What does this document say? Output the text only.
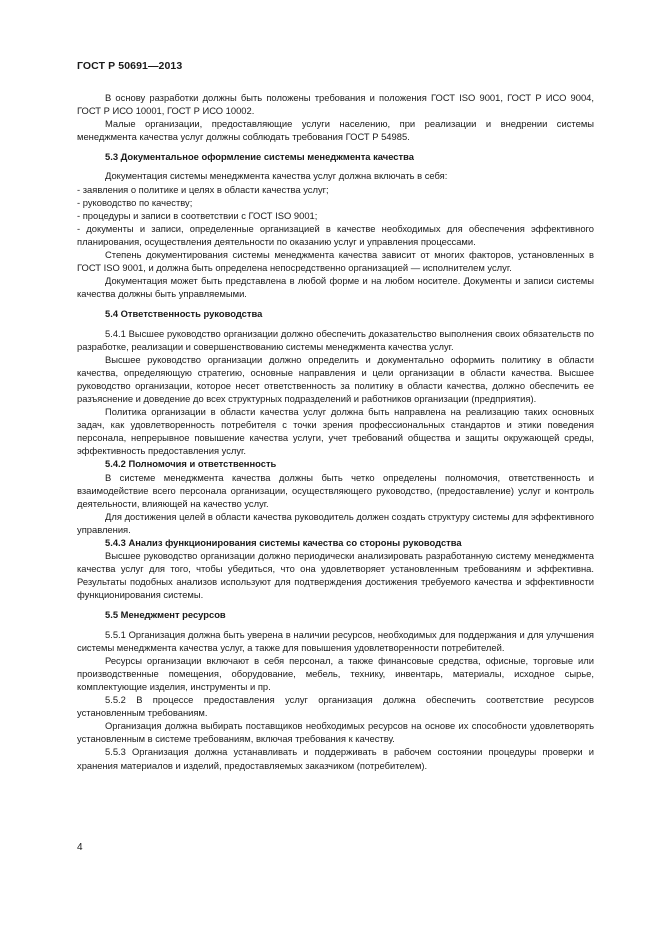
ГОСТ Р 50691—2013

В основу разработки должны быть положены требования и положения ГОСТ ISO 9001, ГОСТ Р ИСО 9004, ГОСТ Р ИСО 10001, ГОСТ Р ИСО 10002.

Малые организации, предоставляющие услуги населению, при реализации и внедрении системы менеджмента качества услуг должны соблюдать требования ГОСТ Р 54985.

5.3 Документальное оформление системы менеджмента качества

Документация системы менеджмента качества услуг должна включать в себя:

- заявления о политике и целях в области качества услуг;

- руководство по качеству;

- процедуры и записи в соответствии с ГОСТ ISO 9001;

- документы и записи, определенные организацией в качестве необходимых для обеспечения эффективного планирования, осуществления деятельности по оказанию услуг и управления процессами.

Степень документирования системы менеджмента качества зависит от многих факторов, установленных в ГОСТ ISO 9001, и должна быть определена непосредственно организацией — исполнителем услуг.

Документация может быть представлена в любой форме и на любом носителе. Документы и записи системы качества должны быть управляемыми.

5.4 Ответственность руководства

5.4.1 Высшее руководство организации должно обеспечить доказательство выполнения своих обязательств по разработке, реализации и совершенствованию системы менеджмента качества услуг.

Высшее руководство организации должно определить и документально оформить политику в области качества, определяющую стратегию, основные направления и цели организации в области качества. Высшее руководство организации, которое несет ответственность за политику в области качества, должно обеспечить ее разъяснение и доведение до всех структурных подразделений и работников организации (предприятия).

Политика организации в области качества услуг должна быть направлена на реализацию таких основных задач, как удовлетворенность потребителя с точки зрения профессиональных стандартов и этики поведения персонала, непрерывное повышение качества услуги, учет требований общества и защиты окружающей среды, эффективность предоставления услуг.

5.4.2 Полномочия и ответственность

В системе менеджмента качества должны быть четко определены полномочия, ответственность и взаимодействие всего персонала организации, осуществляющего руководство, (предоставление) услуг и контроль деятельности, влияющей на качество услуг.

Для достижения целей в области качества руководитель должен создать структуру системы для эффективного управления.

5.4.3 Анализ функционирования системы качества со стороны руководства

Высшее руководство организации должно периодически анализировать разработанную систему менеджмента качества услуг для того, чтобы убедиться, что она удовлетворяет установленным требованиям и эффективна. Результаты подобных анализов используют для подтверждения достижения требуемого качества и эффективности функционирования системы.

5.5 Менеджмент ресурсов

5.5.1 Организация должна быть уверена в наличии ресурсов, необходимых для поддержания и для улучшения системы менеджмента качества услуг, а также для повышения удовлетворенности потребителей.

Ресурсы организации включают в себя персонал, а также финансовые средства, офисные, торговые или производственные помещения, оборудование, мебель, технику, инвентарь, материалы, исходное сырье, комплектующие изделия, инструменты и пр.

5.5.2 В процессе предоставления услуг организация должна обеспечить соответствие ресурсов установленным требованиям.

Организация должна выбирать поставщиков необходимых ресурсов на основе их способности удовлетворять установленным в системе требованиям, включая требования к качеству.

5.5.3 Организация должна устанавливать и поддерживать в рабочем состоянии процедуры проверки и хранения материалов и изделий, предоставляемых заказчиком (потребителем).

4
